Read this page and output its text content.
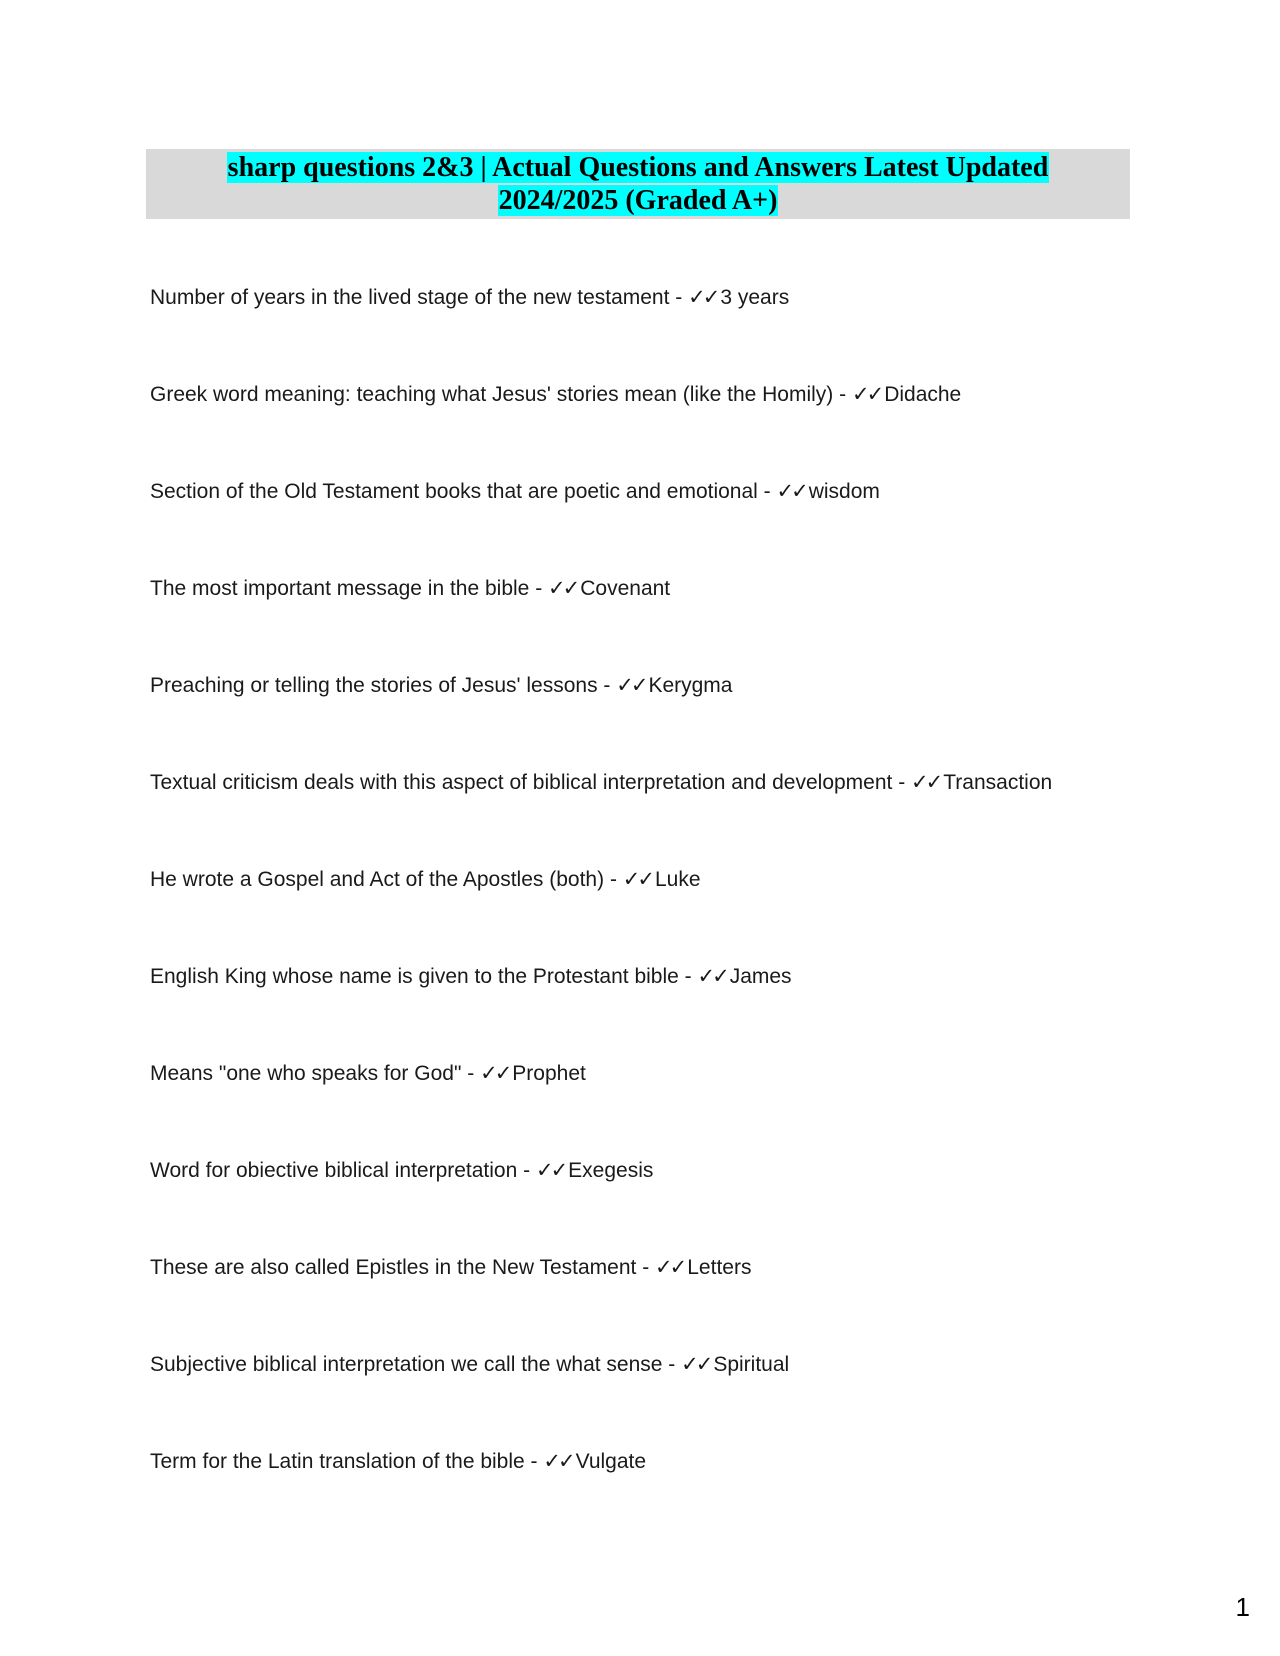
sharp questions 2&3 | Actual Questions and Answers Latest Updated
2024/2025 (Graded A+)
Number of years in the lived stage of the new testament - ✓✓ 3 years
Greek word meaning: teaching what Jesus' stories mean (like the Homily) - ✓✓ Didache
Section of the Old Testament books that are poetic and emotional - ✓✓ wisdom
The most important message in the bible - ✓✓ Covenant
Preaching or telling the stories of Jesus' lessons - ✓✓ Kerygma
Textual criticism deals with this aspect of biblical interpretation and development - ✓✓ Transaction
He wrote a Gospel and Act of the Apostles (both) - ✓✓ Luke
English King whose name is given to the Protestant bible - ✓✓ James
Means "one who speaks for God" - ✓✓ Prophet
Word for obiective biblical interpretation - ✓✓ Exegesis
These are also called Epistles in the New Testament - ✓✓ Letters
Subjective biblical interpretation we call the what sense - ✓✓ Spiritual
Term for the Latin translation of the bible - ✓✓ Vulgate
1
